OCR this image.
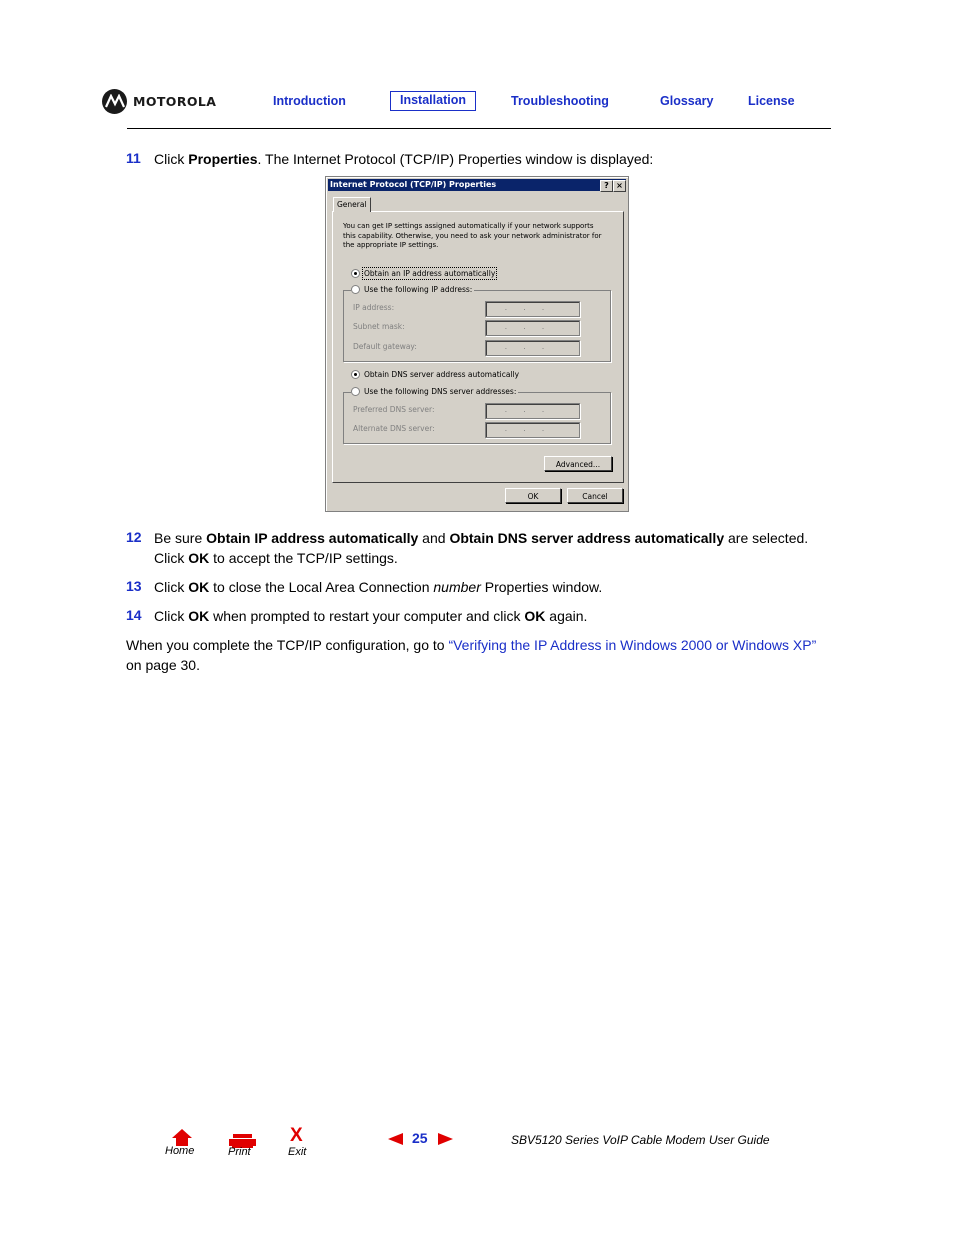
MOTOROLA	Introduction	Installation	Troubleshooting	Glossary	License
11 Click Properties. The Internet Protocol (TCP/IP) Properties window is displayed:
Internet Protocol (TCP/IP) Properties	? ×
General
You can get IP settings assigned automatically if your network supports this capability. Otherwise, you need to ask your network administrator for the appropriate IP settings.
Obtain an IP address automatically
Use the following IP address:
IP address:	...
Subnet mask:	...
Default gateway:	...
Obtain DNS server address automatically
Use the following DNS server addresses:
Preferred DNS server:	...
Alternate DNS server:	...
Advanced...
OK	Cancel
12 Be sure Obtain IP address automatically and Obtain DNS server address automatically are selected.
Click OK to accept the TCP/IP settings.
13 Click OK to close the Local Area Connection number Properties window.
14 Click OK when prompted to restart your computer and click OK again.
When you complete the TCP/IP configuration, go to “Verifying the IP Address in Windows 2000 or Windows XP”
on page 30.
Home	Print
X
Exit
25	SBV5120 Series VoIP Cable Modem User Guide
